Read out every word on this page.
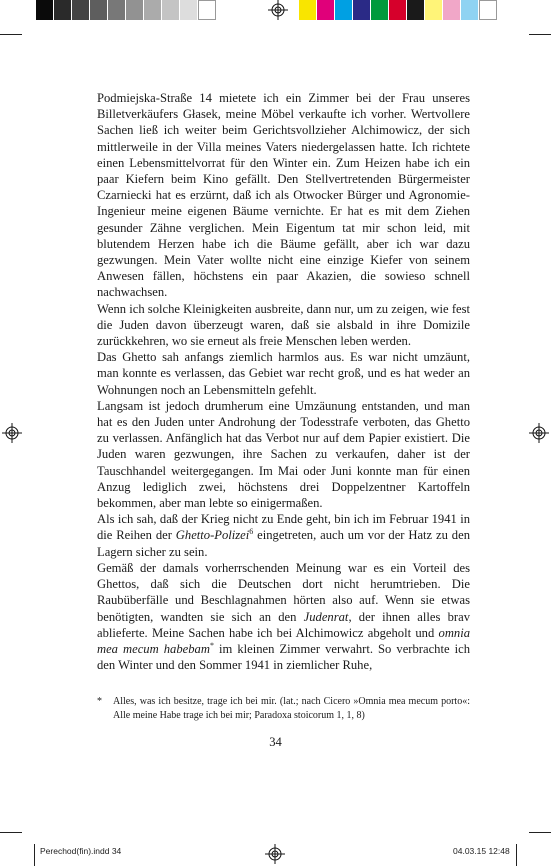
Podmiejska-Straße 14 mietete ich ein Zimmer bei der Frau unseres Billetverkäufers Głasek, meine Möbel verkaufte ich vorher. Wertvollere Sachen ließ ich weiter beim Gerichtsvollzieher Alchimowicz, der sich mittlerweile in der Villa meines Vaters niedergelassen hatte. Ich richtete einen Lebensmittelvorrat für den Winter ein. Zum Heizen habe ich ein paar Kiefern beim Kino gefällt. Den Stellvertretenden Bürgermeister Czarniecki hat es erzürnt, daß ich als Otwocker Bürger und Agronomie-Ingenieur meine eigenen Bäume vernichte. Er hat es mit dem Ziehen gesunder Zähne verglichen. Mein Eigentum tat mir schon leid, mit blutendem Herzen habe ich die Bäume gefällt, aber ich war dazu gezwungen. Mein Vater wollte nicht eine einzige Kiefer von seinem Anwesen fällen, höchstens ein paar Akazien, die sowieso schnell nachwachsen.

Wenn ich solche Kleinigkeiten ausbreite, dann nur, um zu zeigen, wie fest die Juden davon überzeugt waren, daß sie alsbald in ihre Domizile zurückkehren, wo sie erneut als freie Menschen leben werden.

Das Ghetto sah anfangs ziemlich harmlos aus. Es war nicht umzäunt, man konnte es verlassen, das Gebiet war recht groß, und es hat weder an Wohnungen noch an Lebensmitteln gefehlt.

Langsam ist jedoch drumherum eine Umzäunung entstanden, und man hat es den Juden unter Androhung der Todesstrafe verboten, das Ghetto zu verlassen. Anfänglich hat das Verbot nur auf dem Papier existiert. Die Juden waren gezwungen, ihre Sachen zu verkaufen, daher ist der Tauschhandel weitergegangen. Im Mai oder Juni konnte man für einen Anzug lediglich zwei, höchstens drei Doppelzentner Kartoffeln bekommen, aber man lebte so einigermaßen.

Als ich sah, daß der Krieg nicht zu Ende geht, bin ich im Februar 1941 in die Reihen der Ghetto-Polizei$^6$ eingetreten, auch um vor der Hatz zu den Lagern sicher zu sein.

Gemäß der damals vorherrschenden Meinung war es ein Vorteil des Ghettos, daß sich die Deutschen dort nicht herumtrieben. Die Raubüberfälle und Beschlagnahmen hörten also auf. Wenn sie etwas benötigten, wandten sie sich an den Judenrat, der ihnen alles brav ablieferte. Meine Sachen habe ich bei Alchimowicz abgeholt und omnia mea mecum habebam* im kleinen Zimmer verwahrt. So verbrachte ich den Winter und den Sommer 1941 in ziemlicher Ruhe,

* Alles, was ich besitze, trage ich bei mir. (lat.; nach Cicero »Omnia mea mecum porto«: Alle meine Habe trage ich bei mir; Paradoxa stoicorum 1, 1, 8)
34
Perechod(fin).indd 34	04.03.15 12:48
